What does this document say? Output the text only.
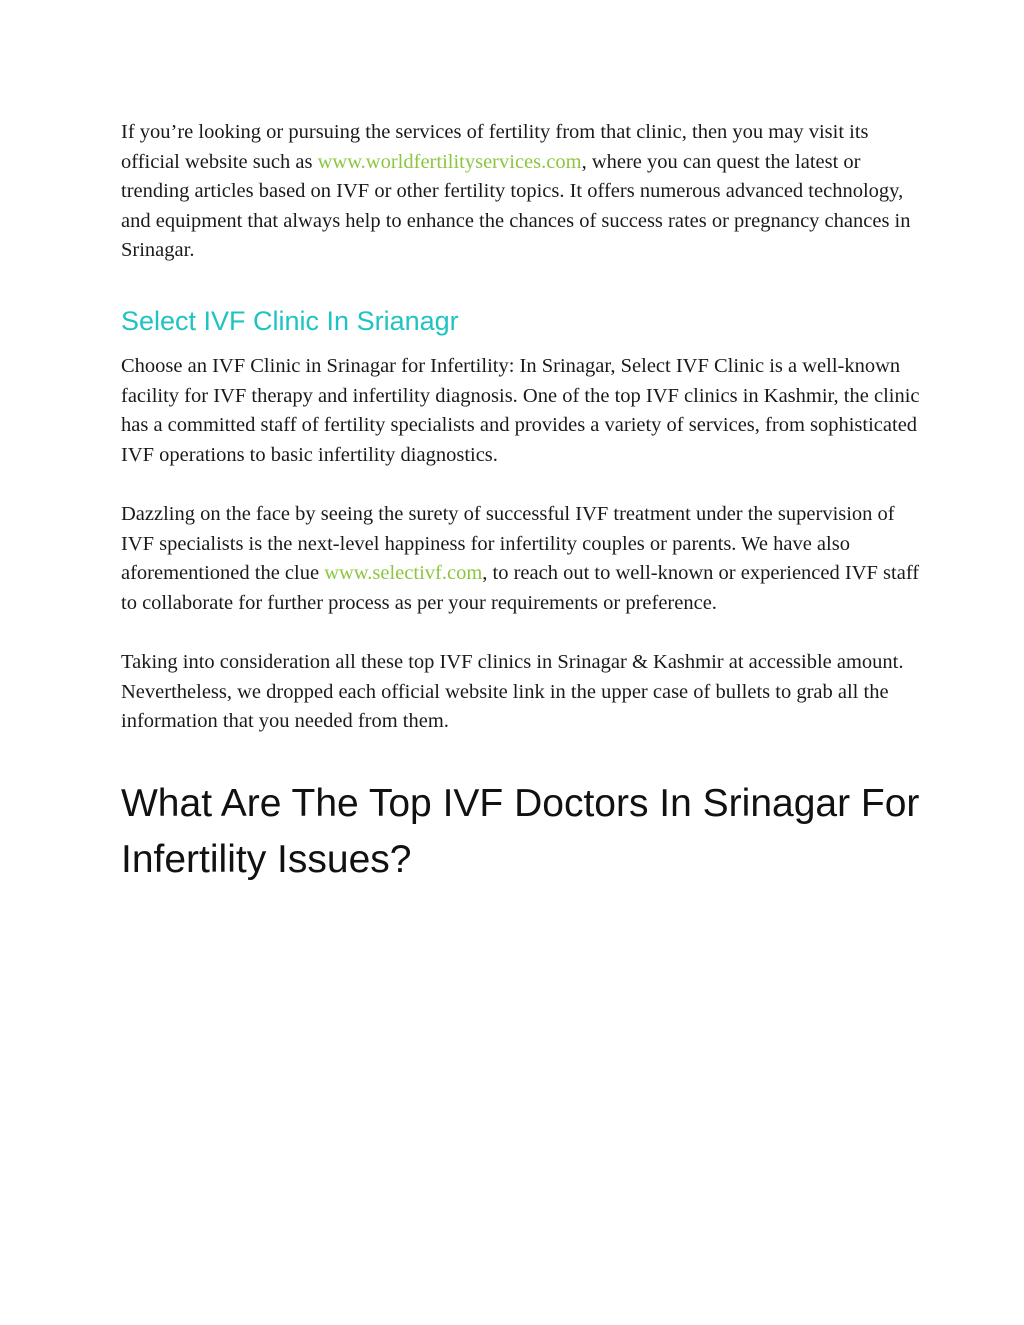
If you’re looking or pursuing the services of fertility from that clinic, then you may visit its official website such as www.worldfertilityservices.com, where you can quest the latest or trending articles based on IVF or other fertility topics. It offers numerous advanced technology, and equipment that always help to enhance the chances of success rates or pregnancy chances in Srinagar.

Select IVF Clinic In Srianagr

Choose an IVF Clinic in Srinagar for Infertility: In Srinagar, Select IVF Clinic is a well-known facility for IVF therapy and infertility diagnosis. One of the top IVF clinics in Kashmir, the clinic has a committed staff of fertility specialists and provides a variety of services, from sophisticated IVF operations to basic infertility diagnostics.

Dazzling on the face by seeing the surety of successful IVF treatment under the supervision of IVF specialists is the next-level happiness for infertility couples or parents. We have also aforementioned the clue www.selectivf.com, to reach out to well-known or experienced IVF staff to collaborate for further process as per your requirements or preference.

Taking into consideration all these top IVF clinics in Srinagar & Kashmir at accessible amount. Nevertheless, we dropped each official website link in the upper case of bullets to grab all the information that you needed from them.

What Are The Top IVF Doctors In Srinagar For Infertility Issues?
